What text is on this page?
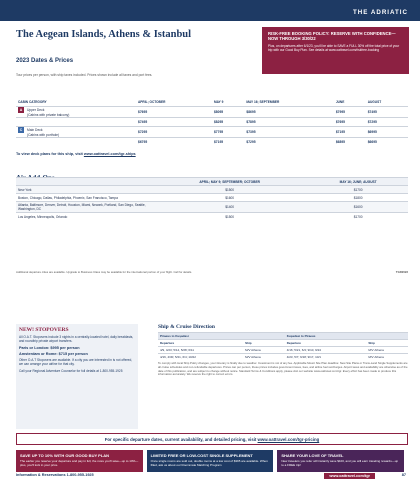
THE ADRIATIC
The Aegean Islands, Athens & Istanbul
2023 Dates & Prices
Tour prices per person, with ship taxes included. Prices shown include all taxes and port fees.
RISK-FREE BOOKING POLICY: RESERVE WITH CONFIDENCE—NOW THROUGH 3/30/22
Plus, on departures after 6/1/23, you'll be able to SAVE a FULL 30% off the total price of your trip with our Good Buy Plan. See details at www.oattravel.com/riskfree-booking
CABIN CATEGORY	APRIL; OCTOBER	MAY 9	MAY 16; SEPTEMBER	JUNE	AUGUST
A Upper Deck
(Cabins with private balcony)	$7695	$8095	$8695	$7995	$7495
	$7495	$8295	$7895	$7695	$7295
C Main Deck
(Cabins with porthole)	$7295	$7795	$7395	$7195	$6995
	$6795	$7195	$7295	$6895	$6695
To view deck plans for this ship, visit www.oattravel.com/tgr-ships
	APRIL; MAY 9; SEPTEMBER; OCTOBER	MAY 16; JUNE; AUGUST
New York	$1500	$1700
Boston, Chicago, Dallas, Philadelphia, Phoenix, San Francisco, Tampa	$1600	$1800
Atlanta, Baltimore, Denver, Detroit, Houston, Miami, Newark, Portland, San Diego, Seattle, Washington, DC	$1400	$1600
Los Angeles, Minneapolis, Orlando	$1500	$1700
Additional departure cities are available. Upgrade to Business Class may be available for the international portion of your flight. Call for details.	TGR2023
NEW! STOPOVERS

All O.A.T. Stopovers include 3 nights in a centrally-located hotel, daily breakfasts, and roundtrip private airport transfers.

Paris or London: $995 per person

Amsterdam or Rome: $715 per person

Other O.A.T Stopovers are available. If a city you are interested in is not offered, we can arrange your airline for that city.

Call your Regional Adventure Counselor for full details at 1-800-955-1925

Ship & Cruise Direction
Piraeus to Kuşadasi		Kuşadasi to Piraeus	
Departure	Ship	Departure	Ship
4/9, 4/23; 5/14, 5/28; 6/11	M/V Athena	4/16; 5/21, 6/4; 9/10, 9/24	M/V Athena
4/16, 4/30; 5/21, 6/4; 10/22	M/V Athena	4/23, 5/7; 6/18; 9/17, 10/1	M/V Athena
To comply with local Ship Policy changes, your itinerary is finally due to weather. Investment is not of any fee. Applicable Mount Site Plan deadline: New Site Plans or Trans-Land Single Supplements are all cruise schedules and non-refundable departures. Prices can per person, these prices includes government taxes, fees, and airline fuel surcharges. Airport taxes and availability are otherwise as of the date of this publication, and are subject to change without notice. Standard Terms & Conditions apply, please visit our website www.oattravel.com/tgr. Every effort has been made to produce this information accurately. We reserve the right to correct errors.
For specific departure dates, current availability, and detailed pricing, visit www.oattravel.com/tgr-pricing
SAVE UP TO 10% WITH OUR GOOD BUY PLAN
The earlier you reserve your departure and pay in full, the more you'll save—up to 10%—plus, you'll lock in your price.
LIMITED FREE OR LOW-COST SINGLE SUPPLEMENT
Once single rooms are sold out, double rooms at a low cost of $395 are available. When filled, ask us about our Roommate Matching Program
SHARE YOUR LOVE OF TRAVEL
New travelers you refer will instantly save $100, and you will earn traveling rewards—up to a FREE trip!
Information & Reservations 1-800-955-1925	www.oattravel.com/tgr	87
